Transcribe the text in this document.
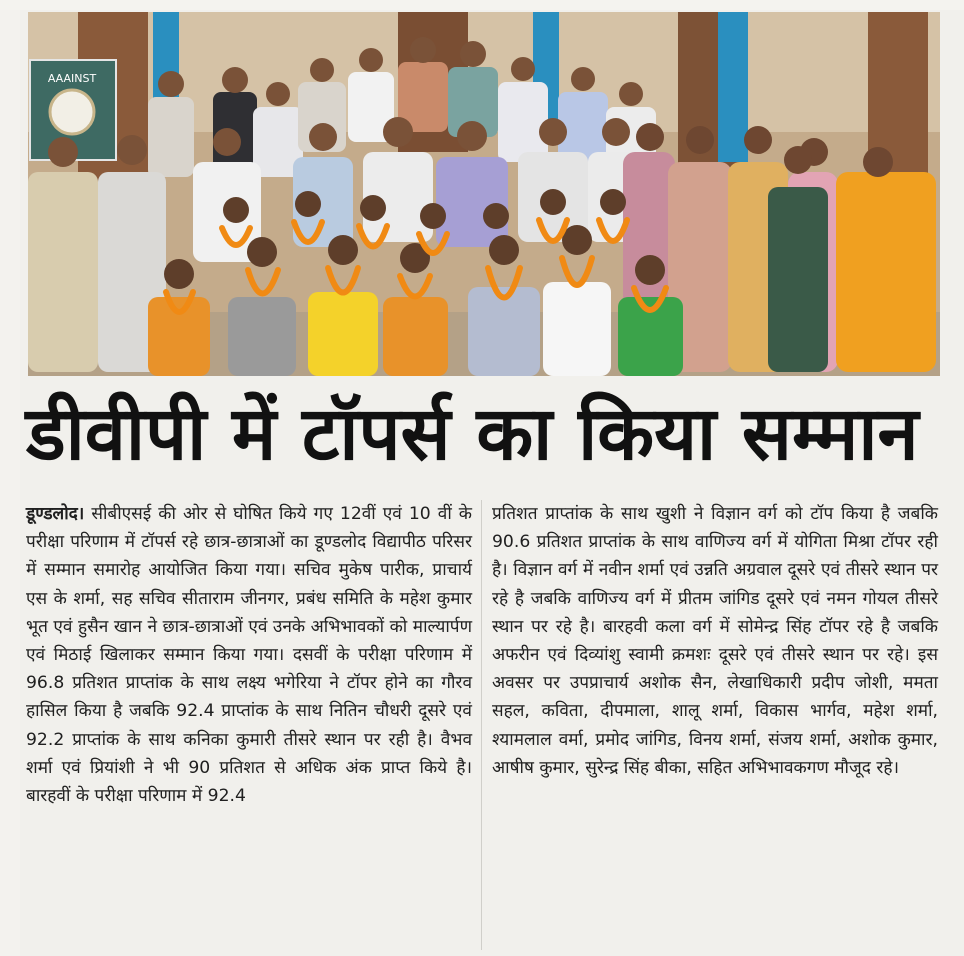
AAAINST
डीवीपी में टॉपर्स का किया सम्मान

डूण्डलोद। सीबीएसई की ओर से घोषित किये गए 12वीं एवं 10 वीं के परीक्षा परिणाम में टॉपर्स रहे छात्र-छात्राओं का डूण्डलोद विद्यापीठ परिसर में सम्मान समारोह आयोजित किया गया। सचिव मुकेष पारीक, प्राचार्य एस के शर्मा, सह सचिव सीताराम जीनगर, प्रबंध समिति के महेश कुमार भूत एवं हुसैन खान ने छात्र-छात्राओं एवं उनके अभिभावकों को माल्यार्पण एवं मिठाई खिलाकर सम्मान किया गया। दसवीं के परीक्षा परिणाम में 96.8 प्रतिशत प्राप्तांक के साथ लक्ष्य भगेरिया ने टॉपर होने का गौरव हासिल किया है जबकि 92.4 प्राप्तांक के साथ नितिन चौधरी दूसरे एवं 92.2 प्राप्तांक के साथ कनिका कुमारी तीसरे स्थान पर रही है। वैभव शर्मा एवं प्रियांशी ने भी 90 प्रतिशत से अधिक अंक प्राप्त किये है। बारहवीं के परीक्षा परिणाम में 92.4

प्रतिशत प्राप्तांक के साथ खुशी ने विज्ञान वर्ग को टॉप किया है जबकि 90.6 प्रतिशत प्राप्तांक के साथ वाणिज्य वर्ग में योगिता मिश्रा टॉपर रही है। विज्ञान वर्ग में नवीन शर्मा एवं उन्नति अग्रवाल दूसरे एवं तीसरे स्थान पर रहे है जबकि वाणिज्य वर्ग में प्रीतम जांगिड दूसरे एवं नमन गोयल तीसरे स्थान पर रहे है। बारहवी कला वर्ग में सोमेन्द्र सिंह टॉपर रहे है जबकि अफरीन एवं दिव्यांशु स्वामी क्रमशः दूसरे एवं तीसरे स्थान पर रहे। इस अवसर पर उपप्राचार्य अशोक सैन, लेखाधिकारी प्रदीप जोशी, ममता सहल, कविता, दीपमाला, शालू शर्मा, विकास भार्गव, महेश शर्मा, श्यामलाल वर्मा, प्रमोद जांगिड, विनय शर्मा, संजय शर्मा, अशोक कुमार, आषीष कुमार, सुरेन्द्र सिंह बीका, सहित अभिभावकगण मौजूद रहे।
